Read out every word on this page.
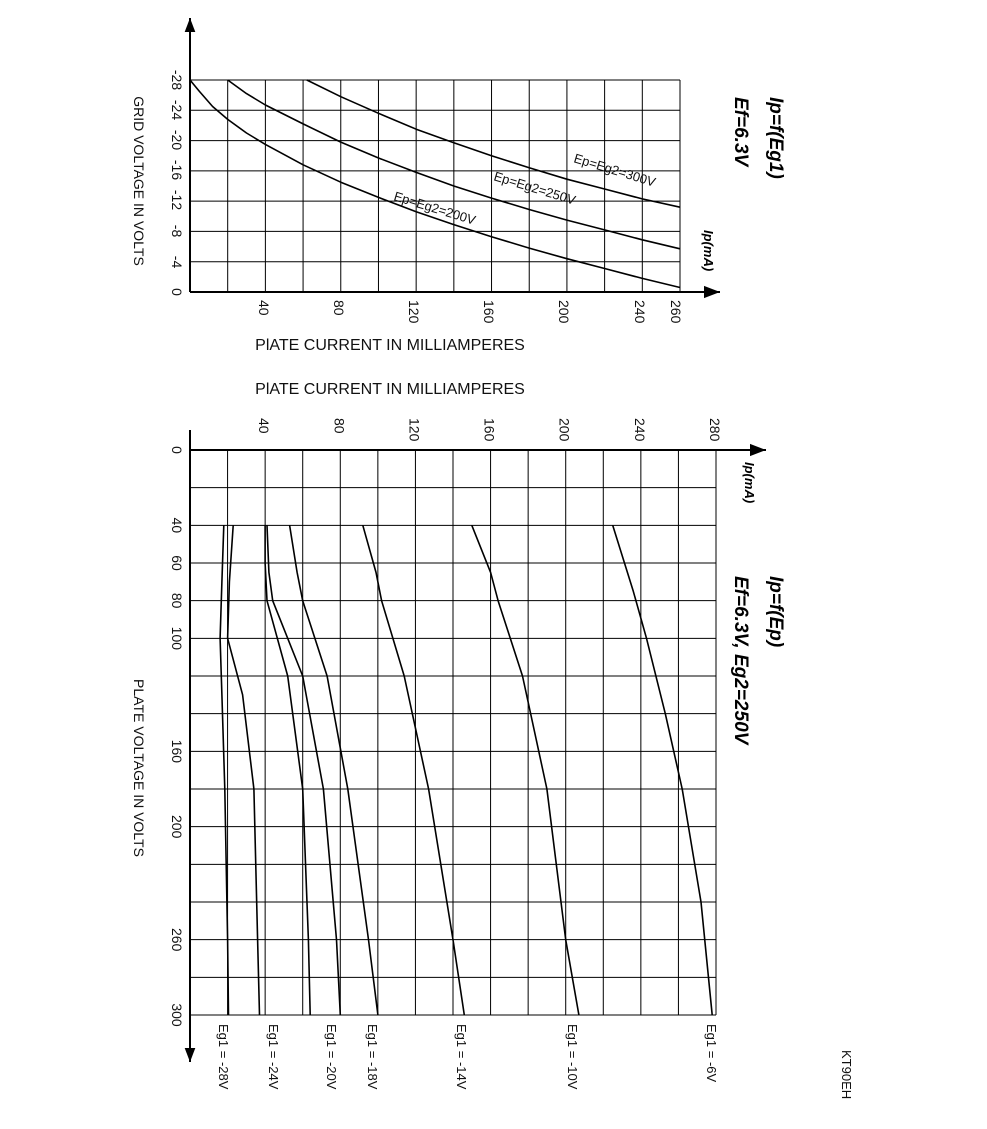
-28
-24
-20
-16
-12
-8
-4
0
40	80	120	160	200	240 260
GRID VOLTAGE IN VOLTS
PlATE CURRENT IN MILLIAMPERES
Ip(mA)
Ip=f(Eg1)
Ef=6.3V
Ep=Eg2=200V
Ep=Eg2=250V
Ep=Eg2=300V
0
40
60
80
100
160
200
260
300
40	80	120	160	200	240	280
PLATE VOLTAGE IN VOLTS
PlATE CURRENT IN MILLIAMPERES
Ip(mA)
Ip=f(Ep)
Ef=6.3V, Eg2=250V
Eg1 = -6V
Eg1 = -10V
Eg1 = -14V
Eg1 = -18V
Eg1 = -20V
Eg1 = -24V
Eg1 = -28V	KT90EH
